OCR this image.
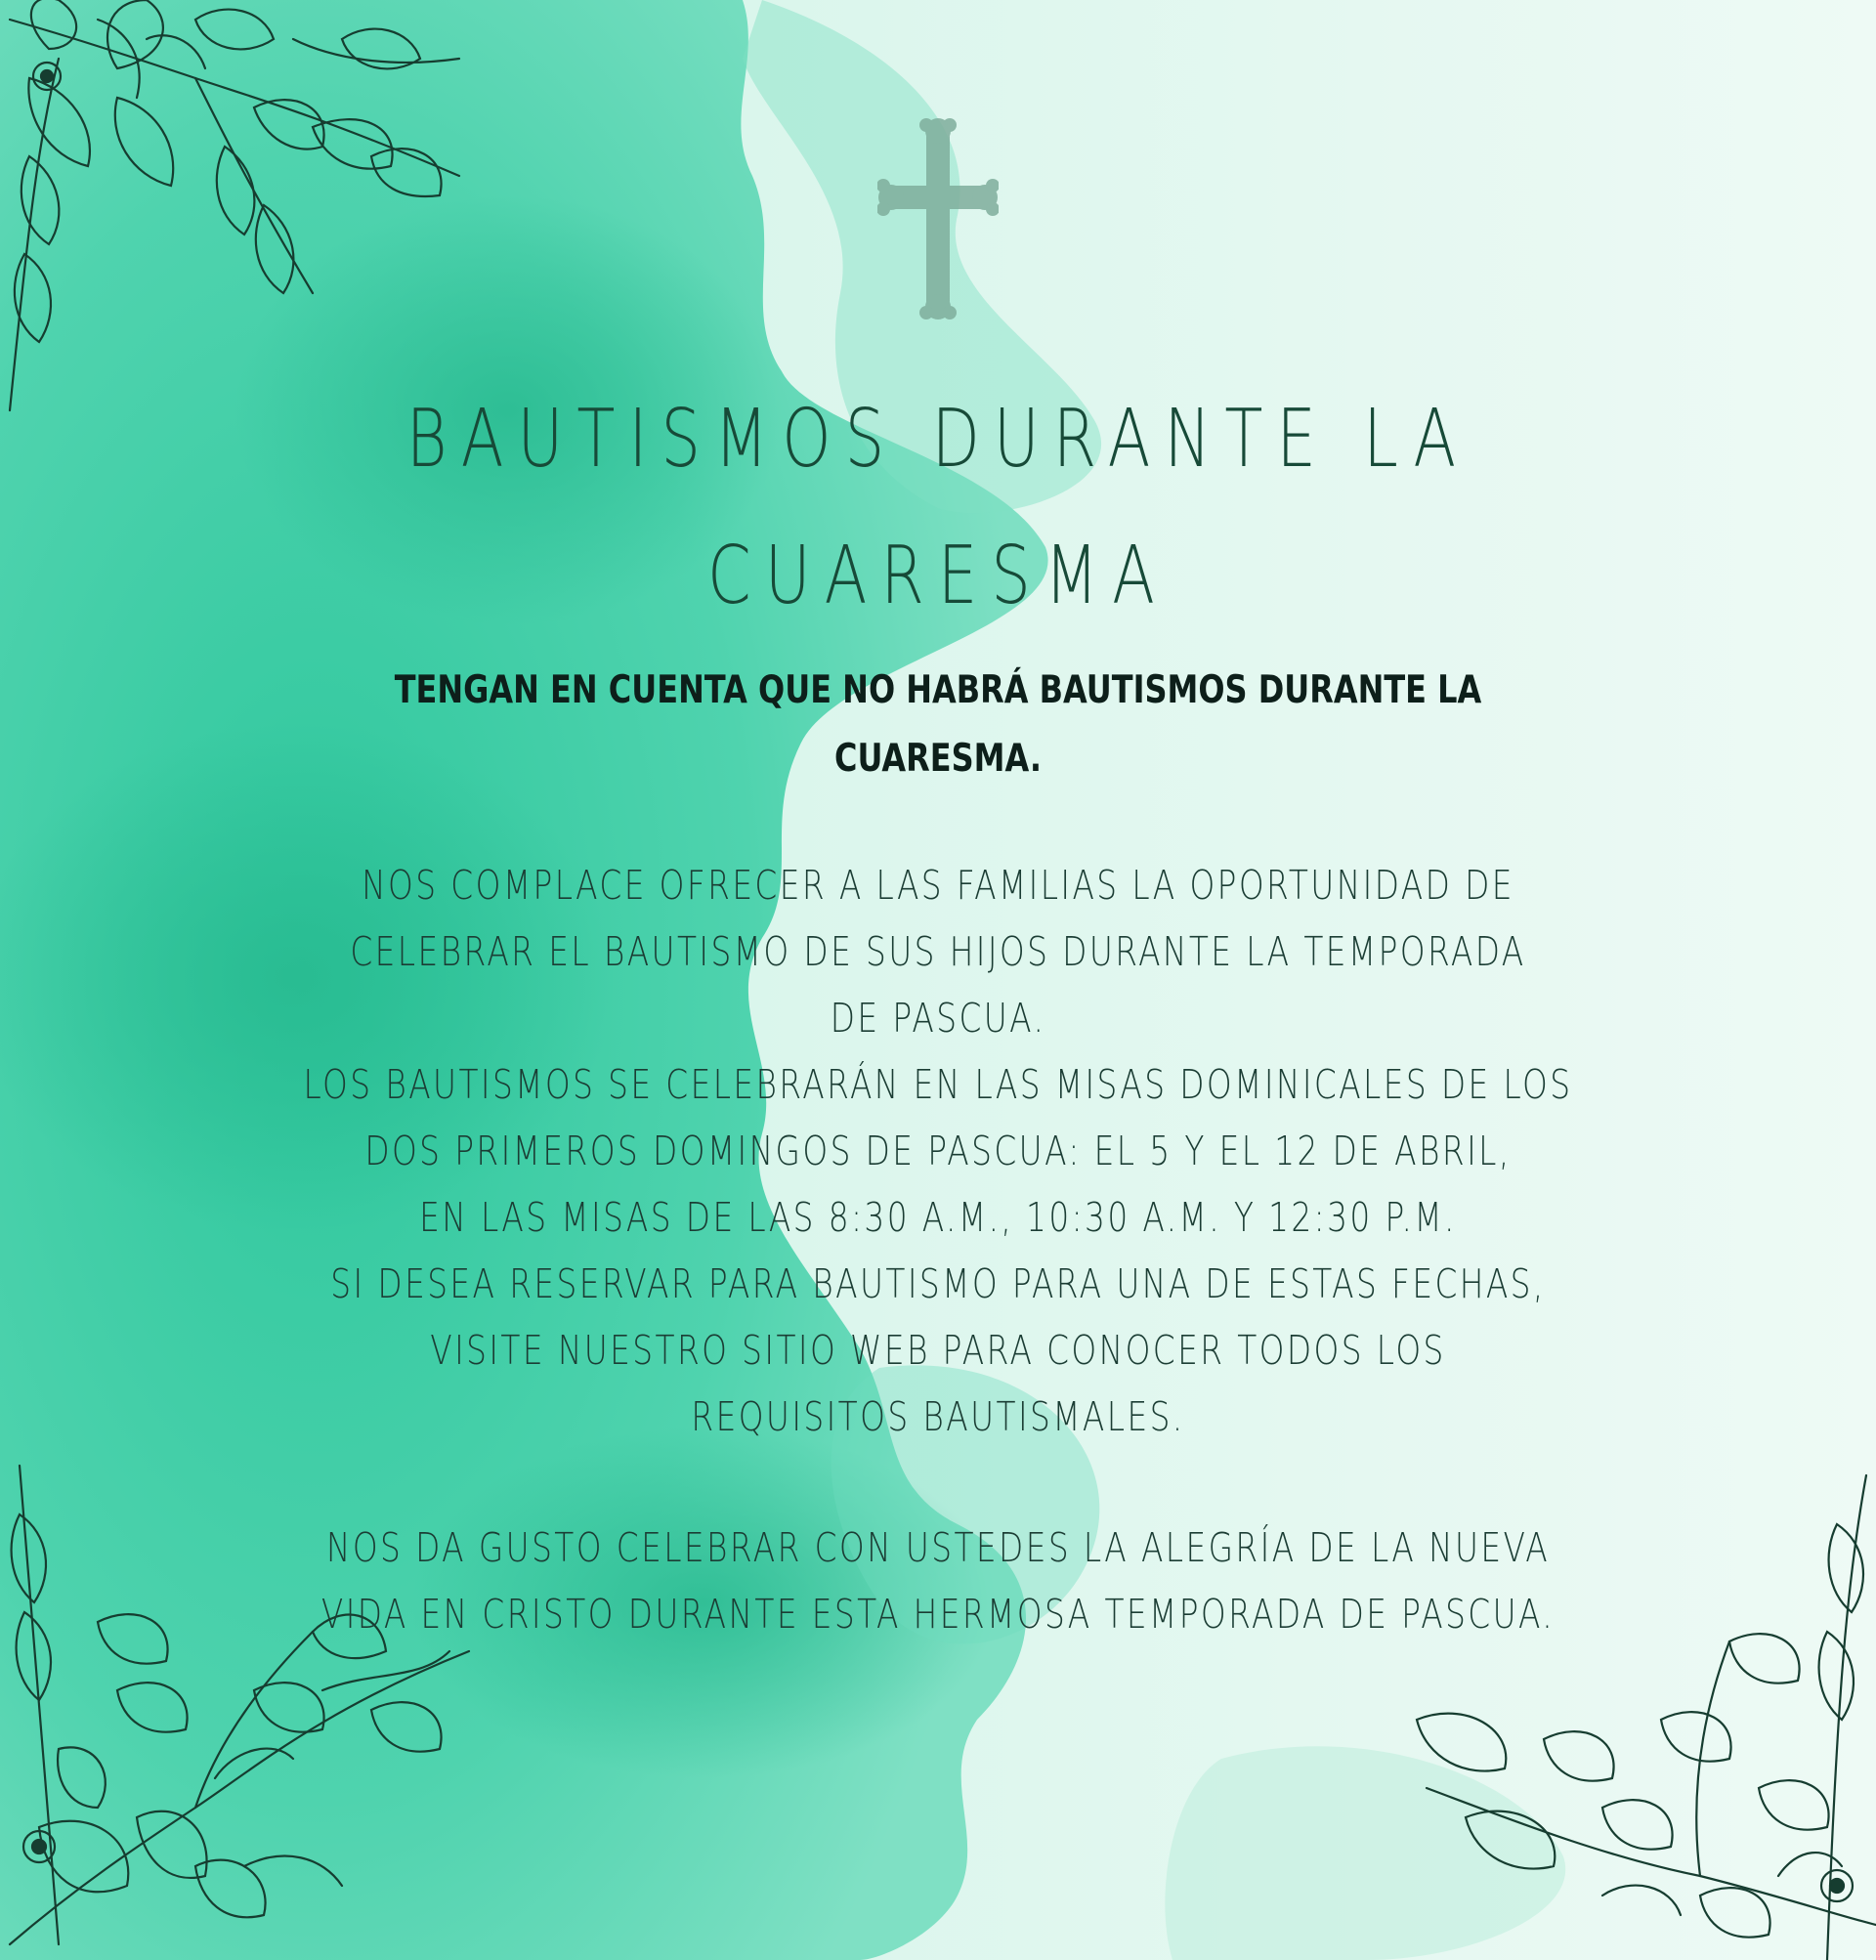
BAUTISMOS DURANTE LA
CUARESMA
TENGAN EN CUENTA QUE NO HABRÁ BAUTISMOS DURANTE LA
CUARESMA.
NOS COMPLACE OFRECER A LAS FAMILIAS LA OPORTUNIDAD DE
CELEBRAR EL BAUTISMO DE SUS HIJOS DURANTE LA TEMPORADA
DE PASCUA.
LOS BAUTISMOS SE CELEBRARÁN EN LAS MISAS DOMINICALES DE LOS
DOS PRIMEROS DOMINGOS DE PASCUA: EL 5 Y EL 12 DE ABRIL,
EN LAS MISAS DE LAS 8:30 A.M., 10:30 A.M. Y 12:30 P.M.
SI DESEA RESERVAR PARA BAUTISMO PARA UNA DE ESTAS FECHAS,
VISITE NUESTRO SITIO WEB PARA CONOCER TODOS LOS
REQUISITOS BAUTISMALES.
NOS DA GUSTO CELEBRAR CON USTEDES LA ALEGRÍA DE LA NUEVA
VIDA EN CRISTO DURANTE ESTA HERMOSA TEMPORADA DE PASCUA.
